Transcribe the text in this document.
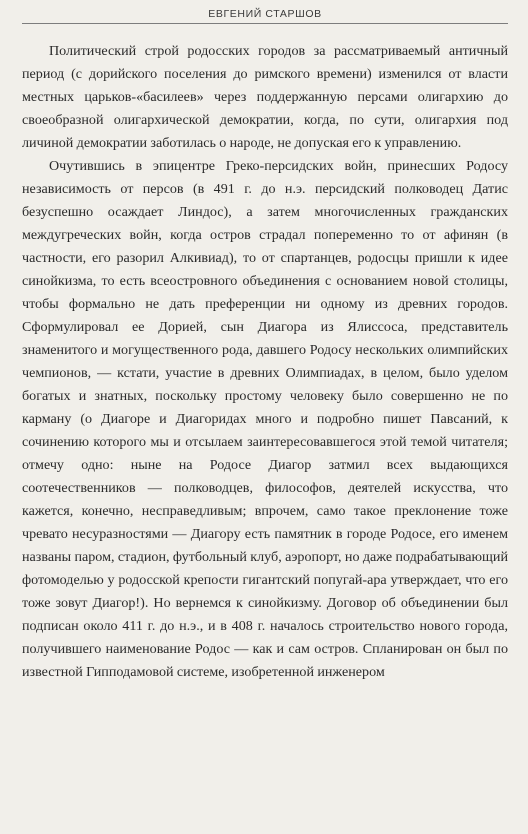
ЕВГЕНИЙ СТАРШОВ

Политический строй родосских городов за рассматриваемый античный период (с дорийского поселения до римского времени) изменился от власти местных царьков-«басилеев» через поддержанную персами олигархию до своеобразной олигархической демократии, когда, по сути, олигархия под личиной демократии заботилась о народе, не допуская его к управлению.

Очутившись в эпицентре Греко-персидских войн, принесших Родосу независимость от персов (в 491 г. до н.э. персидский полководец Датис безуспешно осаждает Линдос), а затем многочисленных гражданских междугреческих войн, когда остров страдал попеременно то от афинян (в частности, его разорил Алкивиад), то от спартанцев, родосцы пришли к идее синойкизма, то есть всеостровного объединения с основанием новой столицы, чтобы формально не дать преференции ни одному из древних городов. Сформулировал ее Дорией, сын Диагора из Ялиссоса, представитель знаменитого и могущественного рода, давшего Родосу нескольких олимпийских чемпионов, — кстати, участие в древних Олимпиадах, в целом, было уделом богатых и знатных, поскольку простому человеку было совершенно не по карману (о Диагоре и Диагоридах много и подробно пишет Павсаний, к сочинению которого мы и отсылаем заинтересовавшегося этой темой читателя; отмечу одно: ныне на Родосе Диагор затмил всех выдающихся соотечественников — полководцев, философов, деятелей искусства, что кажется, конечно, несправедливым; впрочем, само такое преклонение тоже чревато несуразностями — Диагору есть памятник в городе Родосе, его именем названы паром, стадион, футбольный клуб, аэропорт, но даже подрабатывающий фотомоделью у родосской крепости гигантский попугай-ара утверждает, что его тоже зовут Диагор!). Но вернемся к синойкизму. Договор об объединении был подписан около 411 г. до н.э., и в 408 г. началось строительство нового города, получившего наименование Родос — как и сам остров. Спланирован он был по известной Гипподамовой системе, изобретенной инженером
